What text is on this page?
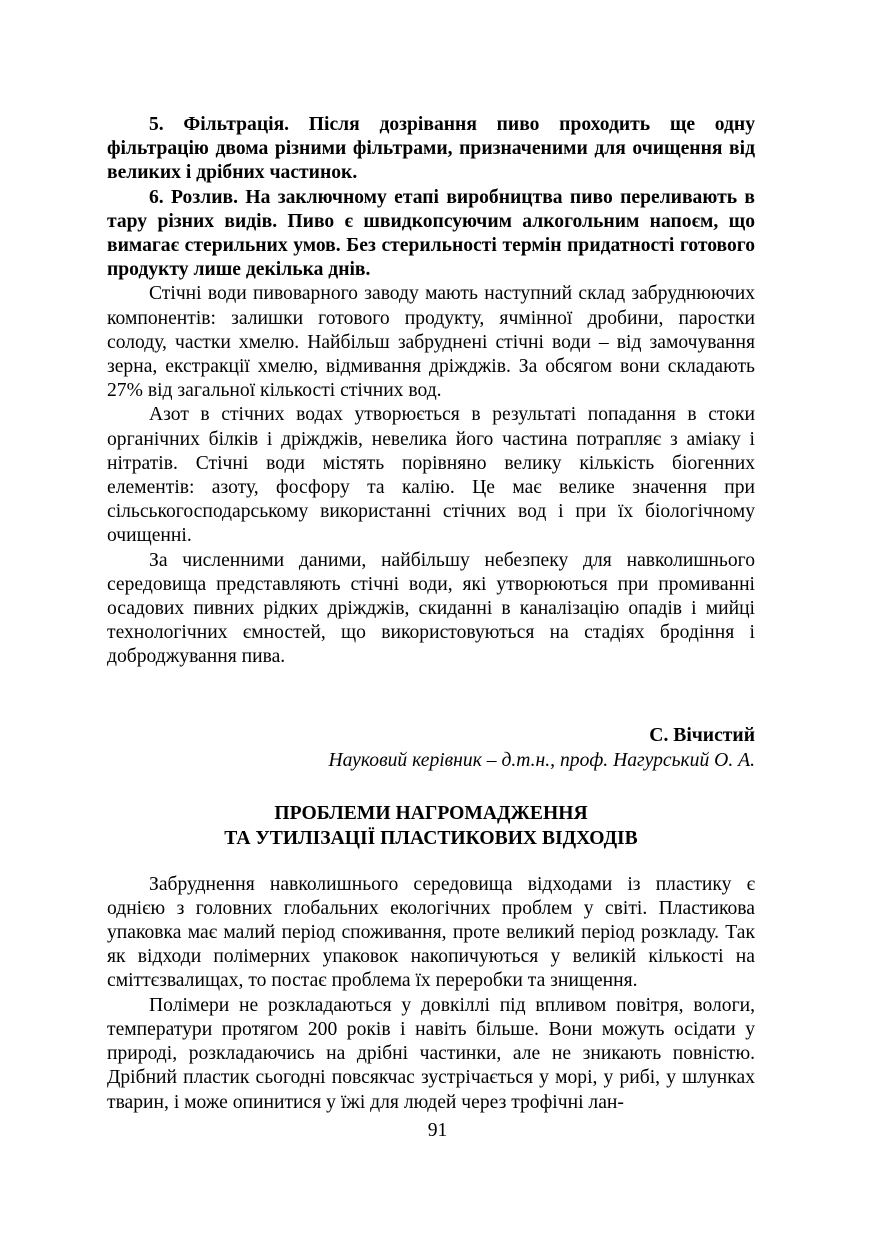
5. Фільтрація. Після дозрівання пиво проходить ще одну фільтрацію двома різними фільтрами, призначеними для очищення від великих і дрібних частинок.

6. Розлив. На заключному етапі виробництва пиво переливають в тару різних видів. Пиво є швидкопсуючим алкогольним напоєм, що вимагає стерильних умов. Без стерильності термін придатності готового продукту лише декілька днів.

Стічні води пивоварного заводу мають наступний склад забруднюючих компонентів: залишки готового продукту, ячмінної дробини, паростки солоду, частки хмелю. Найбільш забруднені стічні води – від замочування зерна, екстракції хмелю, відмивання дріжджів. За обсягом вони складають 27% від загальної кількості стічних вод.

Азот в стічних водах утворюється в результаті попадання в стоки органічних білків і дріжджів, невелика його частина потрапляє з аміаку і нітратів. Стічні води містять порівняно велику кількість біогенних елементів: азоту, фосфору та калію. Це має велике значення при сільськогосподарському використанні стічних вод і при їх біологічному очищенні.

За численними даними, найбільшу небезпеку для навколишнього середовища представляють стічні води, які утворюються при промиванні осадових пивних рідких дріжджів, скиданні в каналізацію опадів і мийці технологічних ємностей, що використовуються на стадіях бродіння і доброджування пива.

С. Вічистий
Науковий керівник – д.т.н., проф. Нагурський О. А.
ПРОБЛЕМИ НАГРОМАДЖЕННЯ
ТА УТИЛІЗАЦІЇ ПЛАСТИКОВИХ ВІДХОДІВ

Забруднення навколишнього середовища відходами із пластику є однією з головних глобальних екологічних проблем у світі. Пластикова упаковка має малий період споживання, проте великий період розкладу. Так як відходи полімерних упаковок накопичуються у великій кількості на сміттєзвалищах, то постає проблема їх переробки та знищення.

Полімери не розкладаються у довкіллі під впливом повітря, вологи, температури протягом 200 років і навіть більше. Вони можуть осідати у природі, розкладаючись на дрібні частинки, але не зникають повністю. Дрібний пластик сьогодні повсякчас зустрічається у морі, у рибі, у шлунках тварин, і може опинитися у їжі для людей через трофічні лан-

91
